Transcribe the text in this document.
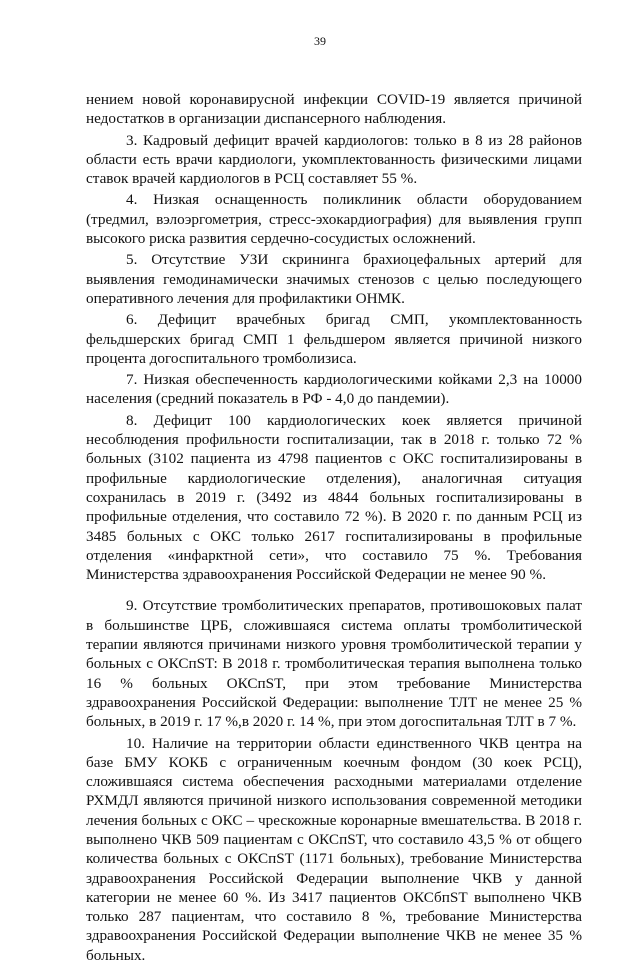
39

нением новой коронавирусной инфекции COVID-19 является причиной недостатков в организации диспансерного наблюдения.

3. Кадровый дефицит врачей кардиологов: только в 8 из 28 районов области есть врачи кардиологи, укомплектованность физическими лицами ставок врачей кардиологов в РСЦ составляет 55 %.

4. Низкая оснащенность поликлиник области оборудованием (тредмил, вэлоэргометрия, стресс-эхокардиография) для выявления групп высокого риска развития сердечно-сосудистых осложнений.

5. Отсутствие УЗИ скрининга брахиоцефальных артерий для выявления гемодинамически значимых стенозов с целью последующего оперативного лечения для профилактики ОНМК.

6. Дефицит врачебных бригад СМП, укомплектованность фельдшерских бригад СМП 1 фельдшером является причиной низкого процента догоспитального тромболизиса.

7. Низкая обеспеченность кардиологическими койками 2,3 на 10000 населения (средний показатель в РФ - 4,0 до пандемии).

8. Дефицит 100 кардиологических коек является причиной несоблюдения профильности госпитализации, так в 2018 г. только 72 % больных (3102 пациента из 4798 пациентов с ОКС госпитализированы в профильные кардиологические отделения), аналогичная ситуация сохранилась в 2019 г. (3492 из 4844 больных госпитализированы в профильные отделения, что составило 72 %). В 2020 г. по данным РСЦ из 3485 больных с ОКС только 2617 госпитализированы в профильные отделения «инфарктной сети», что составило 75 %. Требования Министерства здравоохранения Российской Федерации не менее 90 %.

9. Отсутствие тромболитических препаратов, противошоковых палат в большинстве ЦРБ, сложившаяся система оплаты тромболитической терапии являются причинами низкого уровня тромболитической терапии у больных с ОКСпST: В 2018 г. тромболитическая терапия выполнена только 16 % больных ОКСпST, при этом требование Министерства здравоохранения Российской Федерации: выполнение ТЛТ не менее 25 % больных, в 2019 г. 17 %,в 2020 г. 14 %, при этом догоспитальная ТЛТ в 7 %.

10. Наличие на территории области единственного ЧКВ центра на базе БМУ КОКБ с ограниченным коечным фондом (30 коек РСЦ), сложившаяся система обеспечения расходными материалами отделение РХМДЛ являются причиной низкого использования современной методики лечения больных с ОКС – чрескожные коронарные вмешательства. В 2018 г. выполнено ЧКВ 509 пациентам с ОКСпST, что составило 43,5 % от общего количества больных с ОКСпST (1171 больных), требование Министерства здравоохранения Российской Федерации выполнение ЧКВ у данной категории не менее 60 %. Из 3417 пациентов ОКСбпST выполнено ЧКВ только 287 пациентам, что составило 8 %, требование Министерства здравоохранения Российской Федерации выполнение ЧКВ не менее 35 % больных.
